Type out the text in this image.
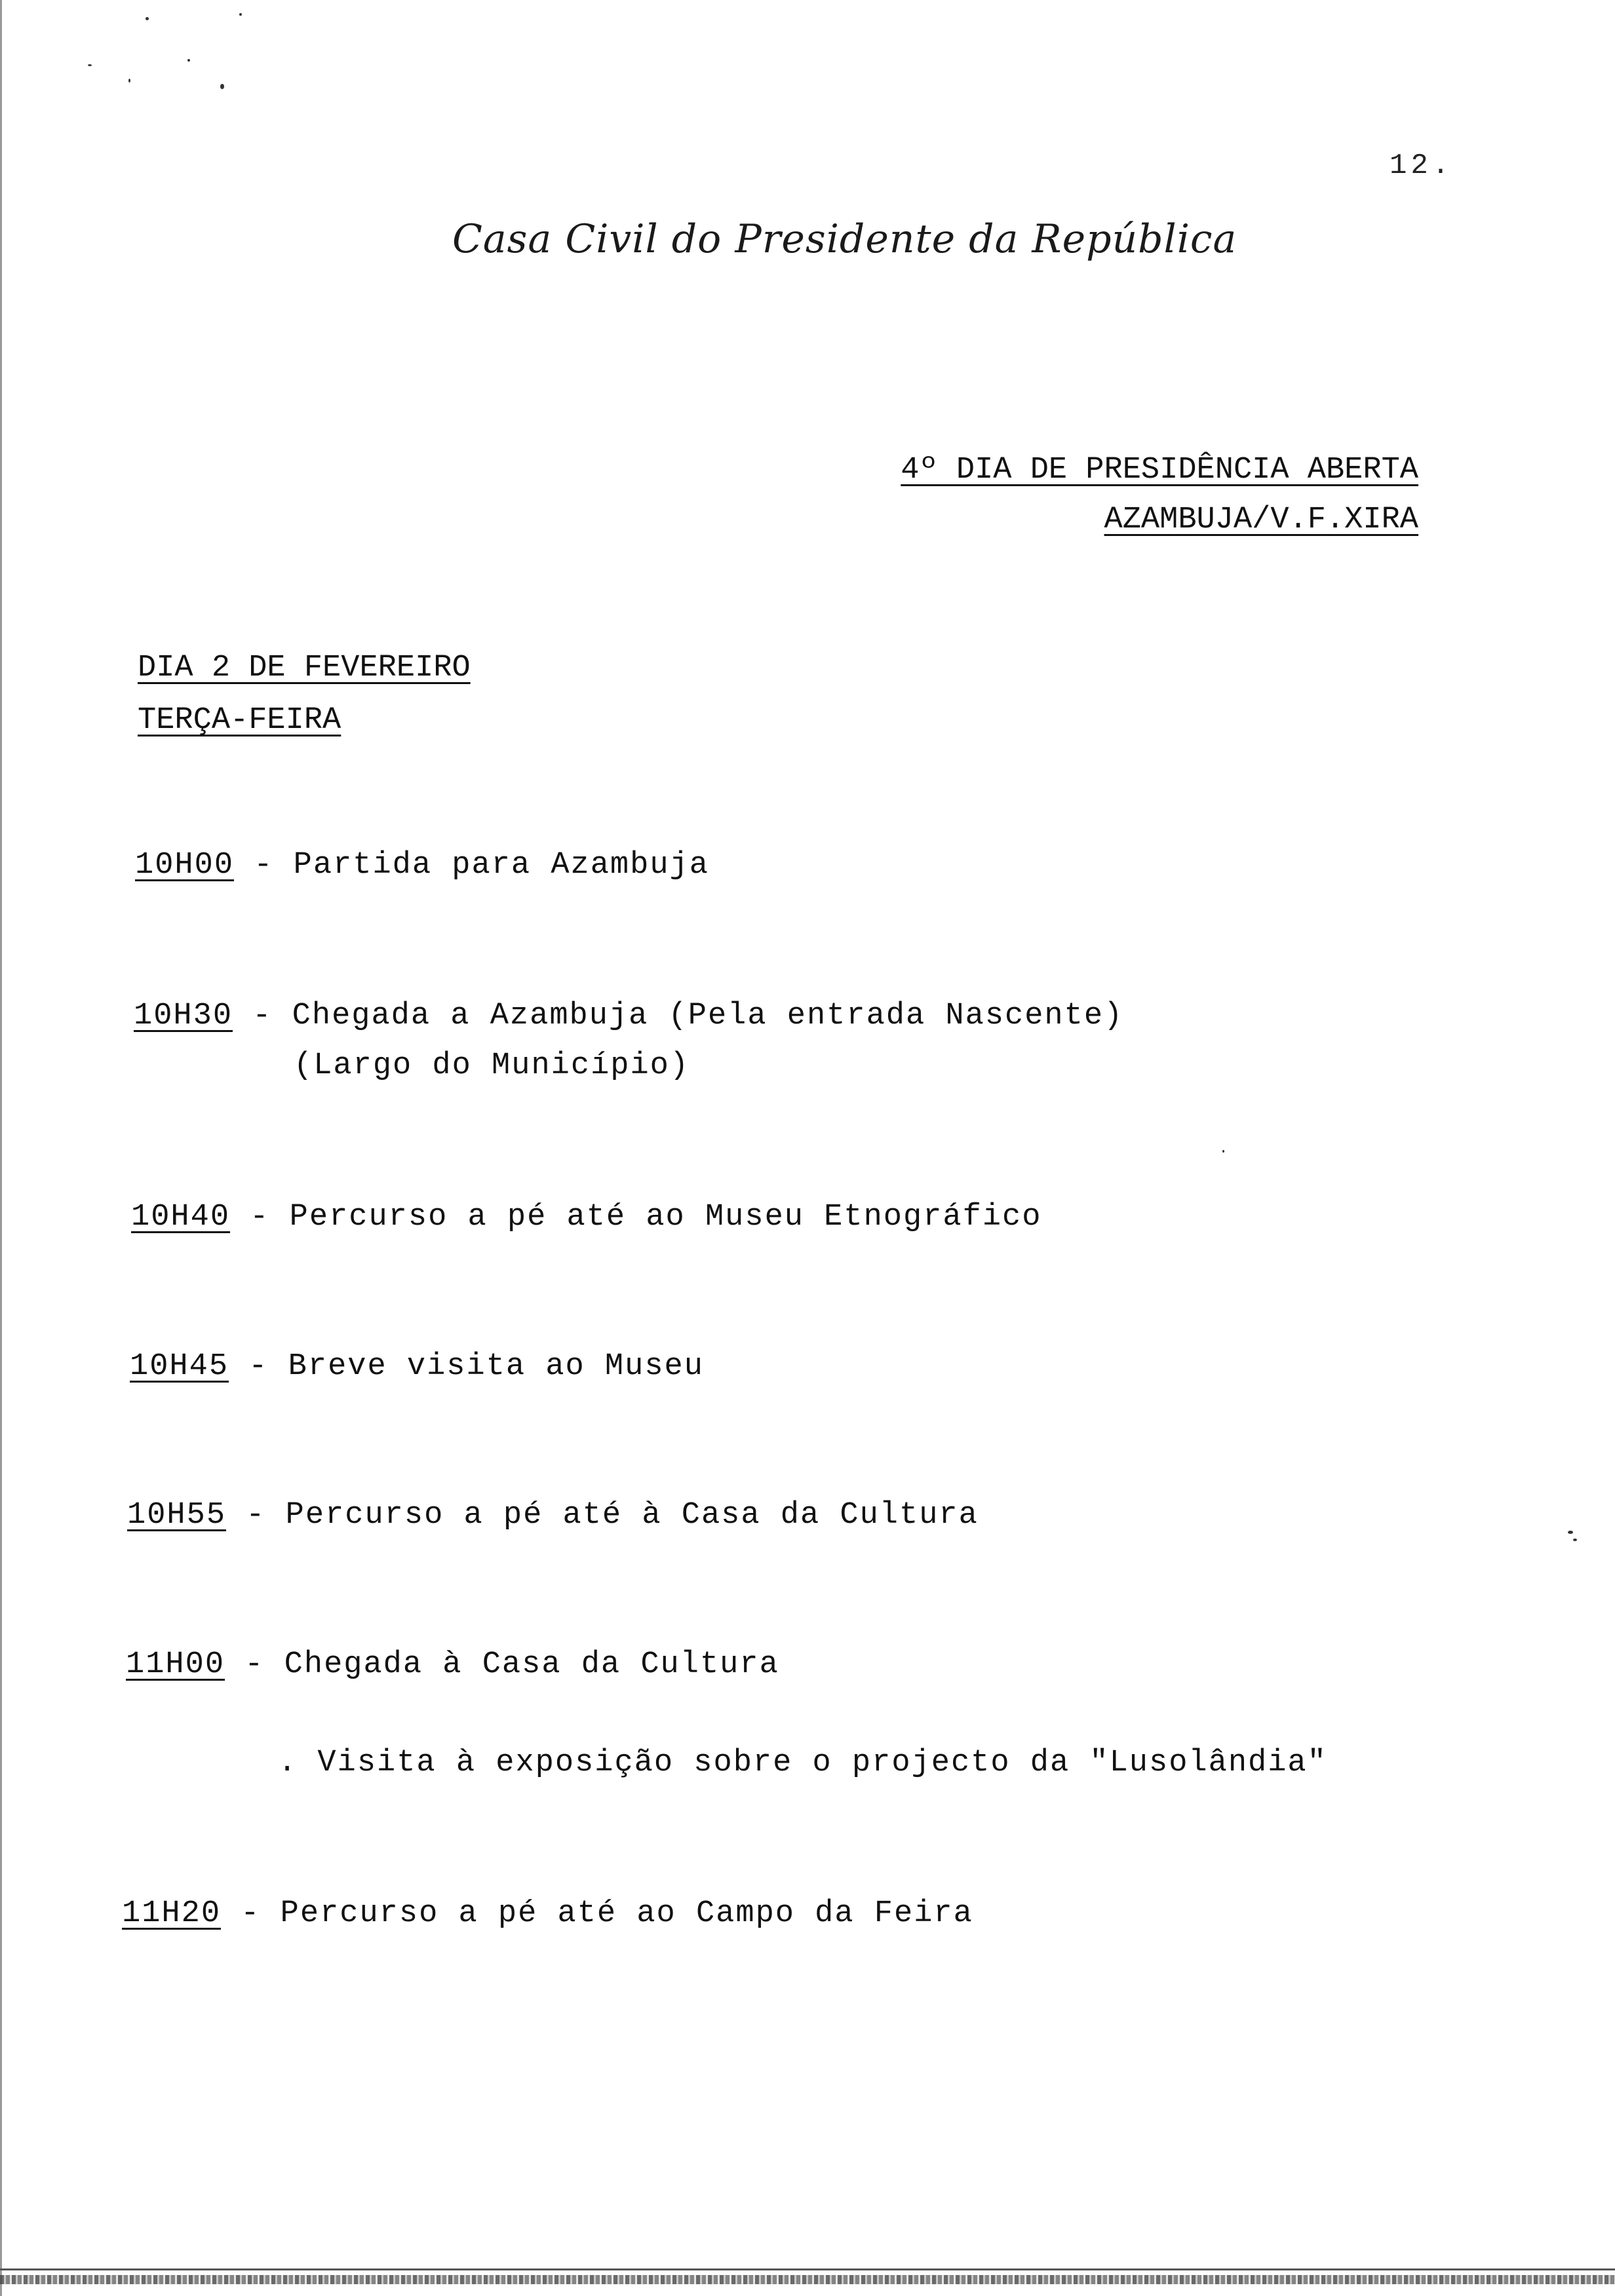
12.
Casa Civil do Presidente da República
4º DIA DE PRESIDÊNCIA ABERTA
AZAMBUJA/V.F.XIRA
DIA 2 DE FEVEREIRO
TERÇA-FEIRA
10H00 - Partida para Azambuja
10H30 - Chegada a Azambuja (Pela entrada Nascente)
(Largo do Município)
10H40 - Percurso a pé até ao Museu Etnográfico
10H45 - Breve visita ao Museu
10H55 - Percurso a pé até à Casa da Cultura
11H00 - Chegada à Casa da Cultura
. Visita à exposição sobre o projecto da "Lusolândia"
11H20 - Percurso a pé até ao Campo da Feira
